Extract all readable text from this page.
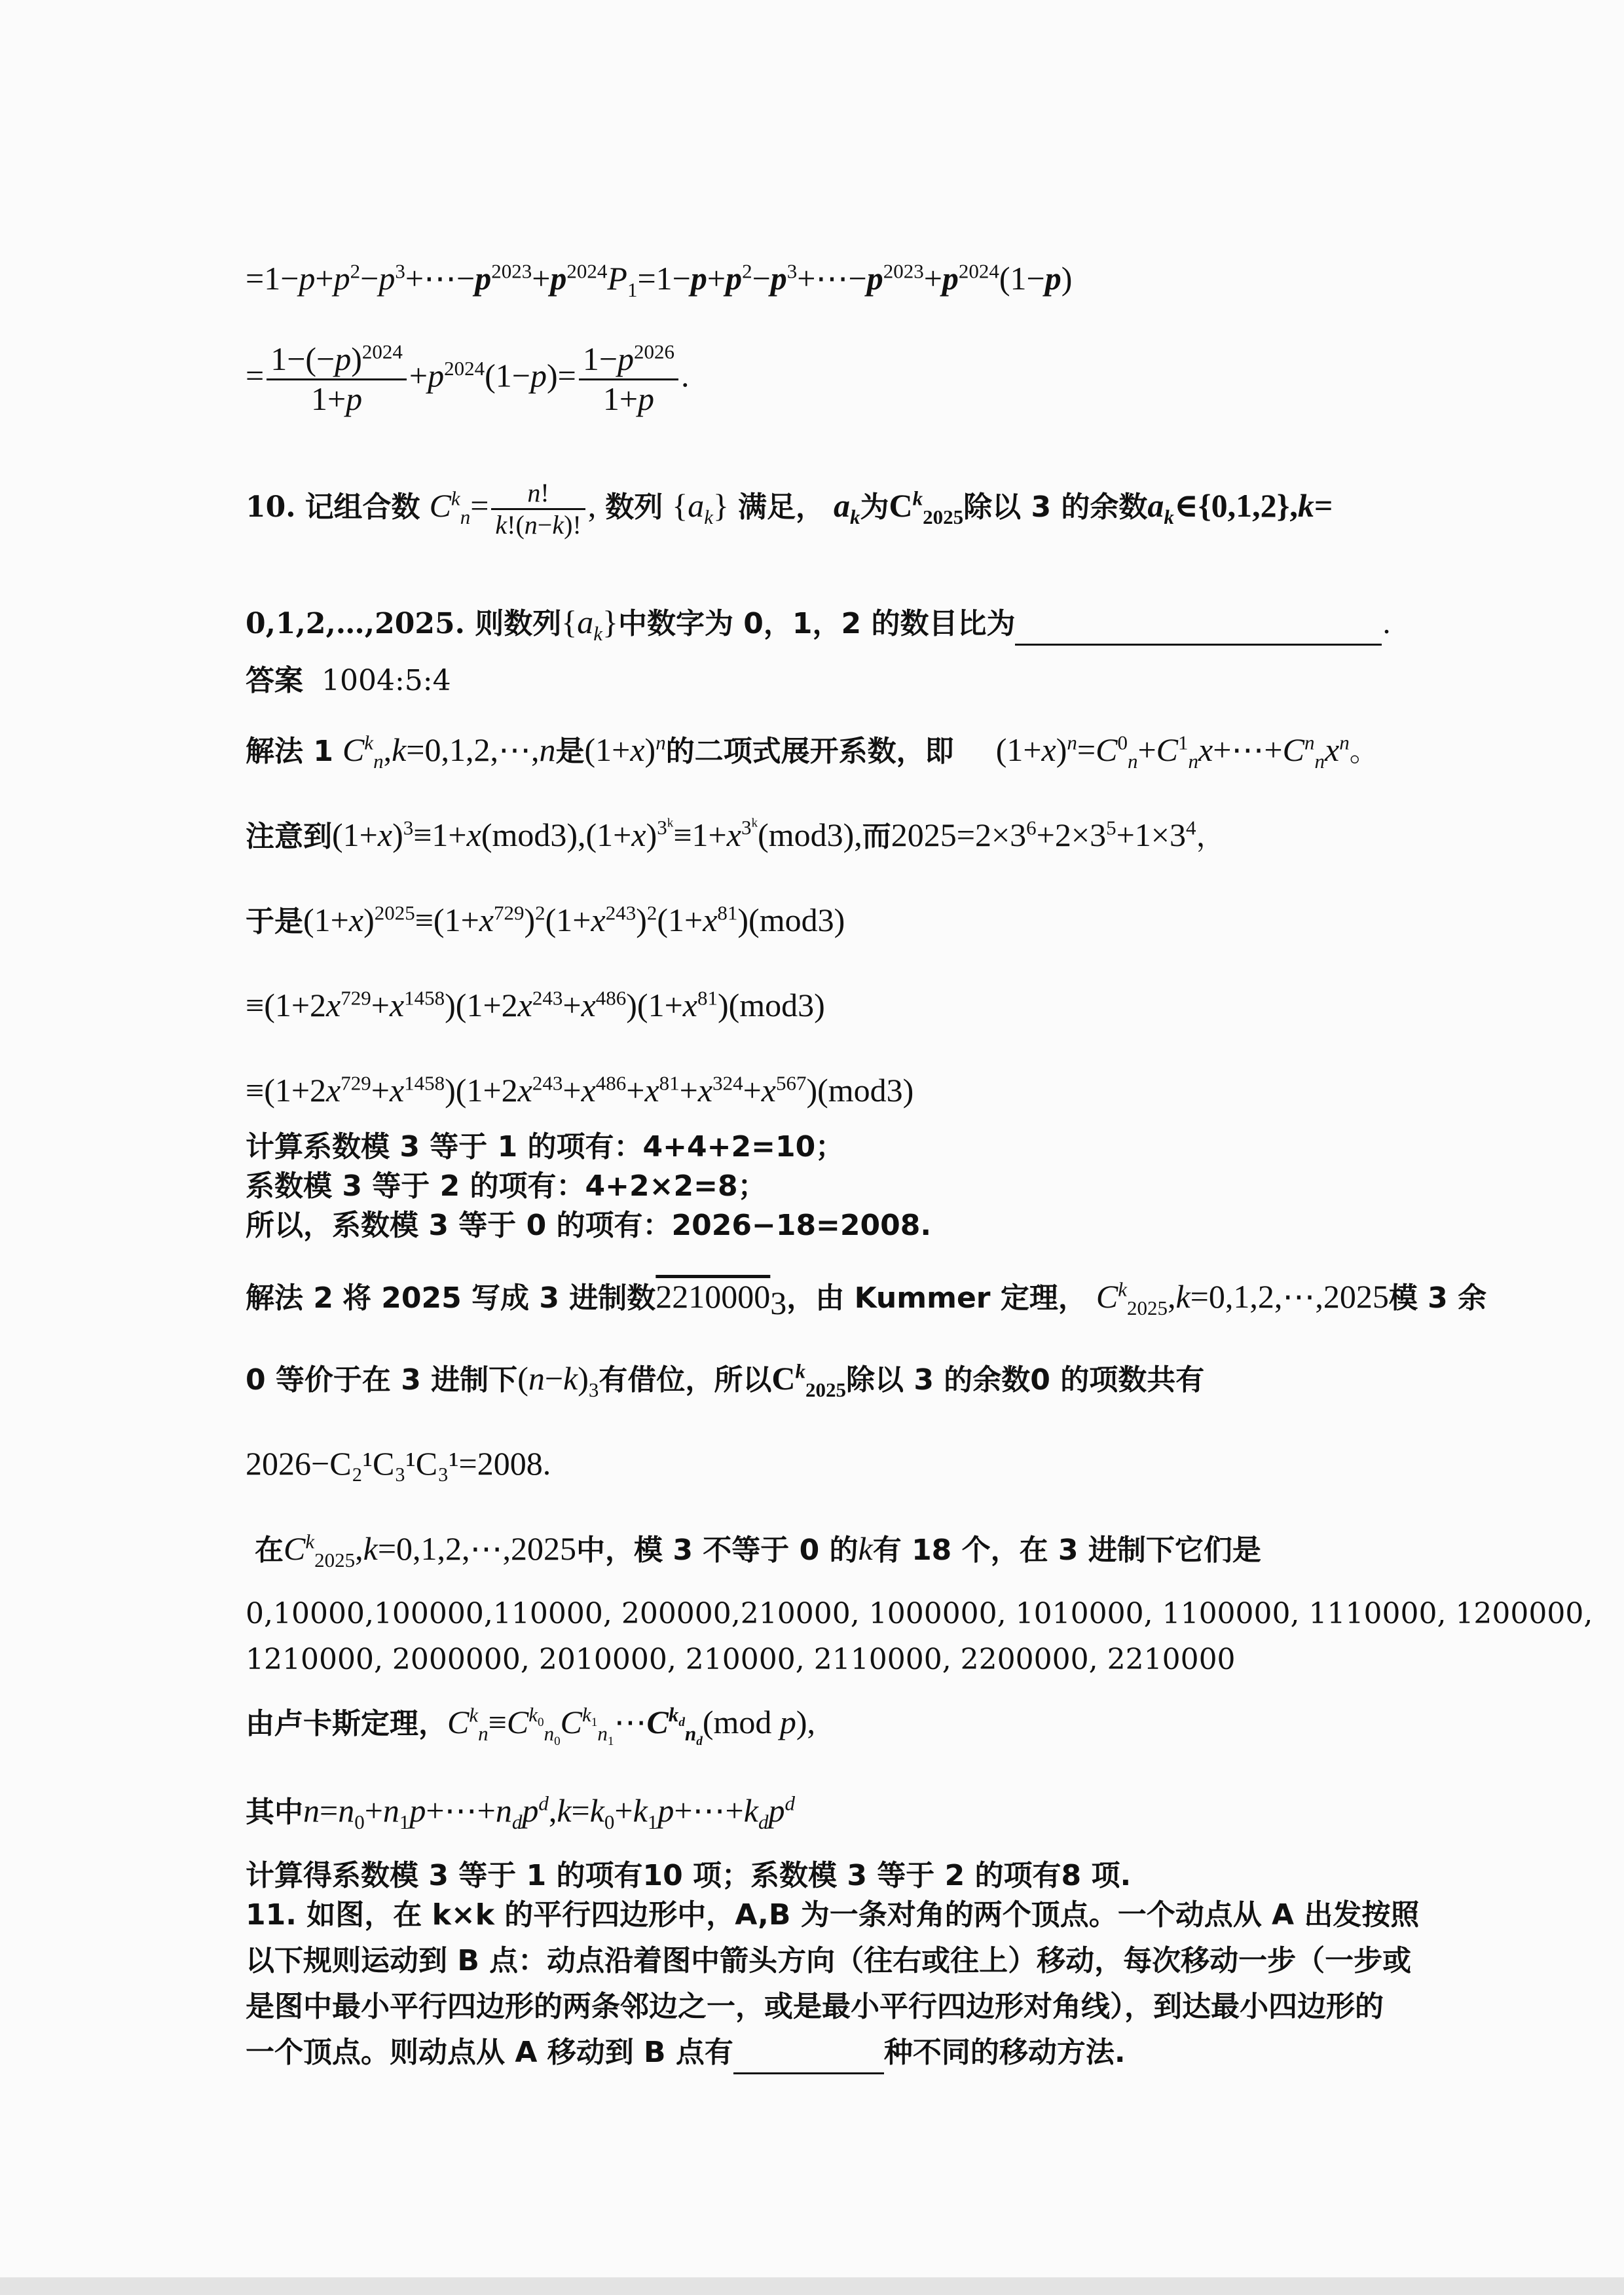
$=1-p+p^2-p^3+\cdots-p^{2023}+p^{2024}P_1=1-p+p^2-p^3+\cdots-p^{2023}+p^{2024}(1-p)$
= $\frac{1-(-p)^{2024}}{1+p} +p^{2024}(1-p)= \frac{1-p^{2026}}{1+p}$ .
10. 记组合数 $C^k_n= \frac{n!}{k!(n-k)!}$ , 数列 $\{a_k\}$ 满足， $a_k$为$C^k_{2025}$除以 3 的余数$a_k\in\{0,1,2\},k=$
0,1,2,…,2025. 则数列$\{a_k\}$中数字为 0，1，2 的数目比为	.
答案 1004:5:4
解法 1 $C^k_n,k=0,1,2,\cdots,n$是$(1+x)^n$的二项式展开系数，即 $(1+x)^n=C^0_n+C^1_nx+\cdots+C^n_nx^n$。
注意到$(1+x)^3\equiv 1+x(mod3),(1+x)^{3^k}\equiv 1+x^{3^k}(mod3)$,而$2025=2\times 3^6+2\times 3^5+1\times 3^4$，
于是$(1+x)^{2025}\equiv(1+x^{729})^2(1+x^{243})^2(1+x^{81})(mod3)$
$\equiv(1+2x^{729}+x^{1458})(1+2x^{243}+x^{486})(1+x^{81})(mod3)$
$\equiv(1+2x^{729}+x^{1458})(1+2x^{243}+x^{486}+x^{81}+x^{324}+x^{567})(mod3)$
计算系数模 3 等于 1 的项有：4+4+2=10；
系数模 3 等于 2 的项有：4+2×2=8；
所以，系数模 3 等于 0 的项有：2026−18=2008.
解法 2 将 2025 写成 3 进制数$2210000_3$，由 Kummer 定理， $C^k_{2025},k=0,1,2,\cdots,2025$模 3 余
0 等价于在 3 进制下$(n-k)_3$有借位，所以$C^k_{2025}$除以 3 的余数0 的项数共有
2026−C₂¹C₃¹C₃¹=2008.
在$C^k_{2025},k=0,1,2,\cdots,2025$中，模 3 不等于 0 的k有 18 个，在 3 进制下它们是
0,10000,100000,110000, 200000,210000, 1000000, 1010000, 1100000, 1110000, 1200000,
1210000, 2000000, 2010000, 210000, 2110000, 2200000, 2210000
由卢卡斯定理，$C^k_n\equiv C^{k_0}_{n_0}C^{k_1}_{n_1}\cdots C^{k_d}_{n_d}(mod$ p),
其中$n=n_0+n_1p+\cdots+n_dp^d,k=k_0+k_1p+\cdots+k_dp^d$
计算得系数模 3 等于 1 的项有10 项；系数模 3 等于 2 的项有8 项.
11. 如图，在 k×k 的平行四边形中，A,B 为一条对角的两个顶点。一个动点从 A 出发按照
以下规则运动到 B 点：动点沿着图中箭头方向（往右或往上）移动，每次移动一步（一步或
是图中最小平行四边形的两条邻边之一，或是最小平行四边形对角线），到达最小四边形的
一个顶点。则动点从 A 移动到 B 点有	种不同的移动方法.
